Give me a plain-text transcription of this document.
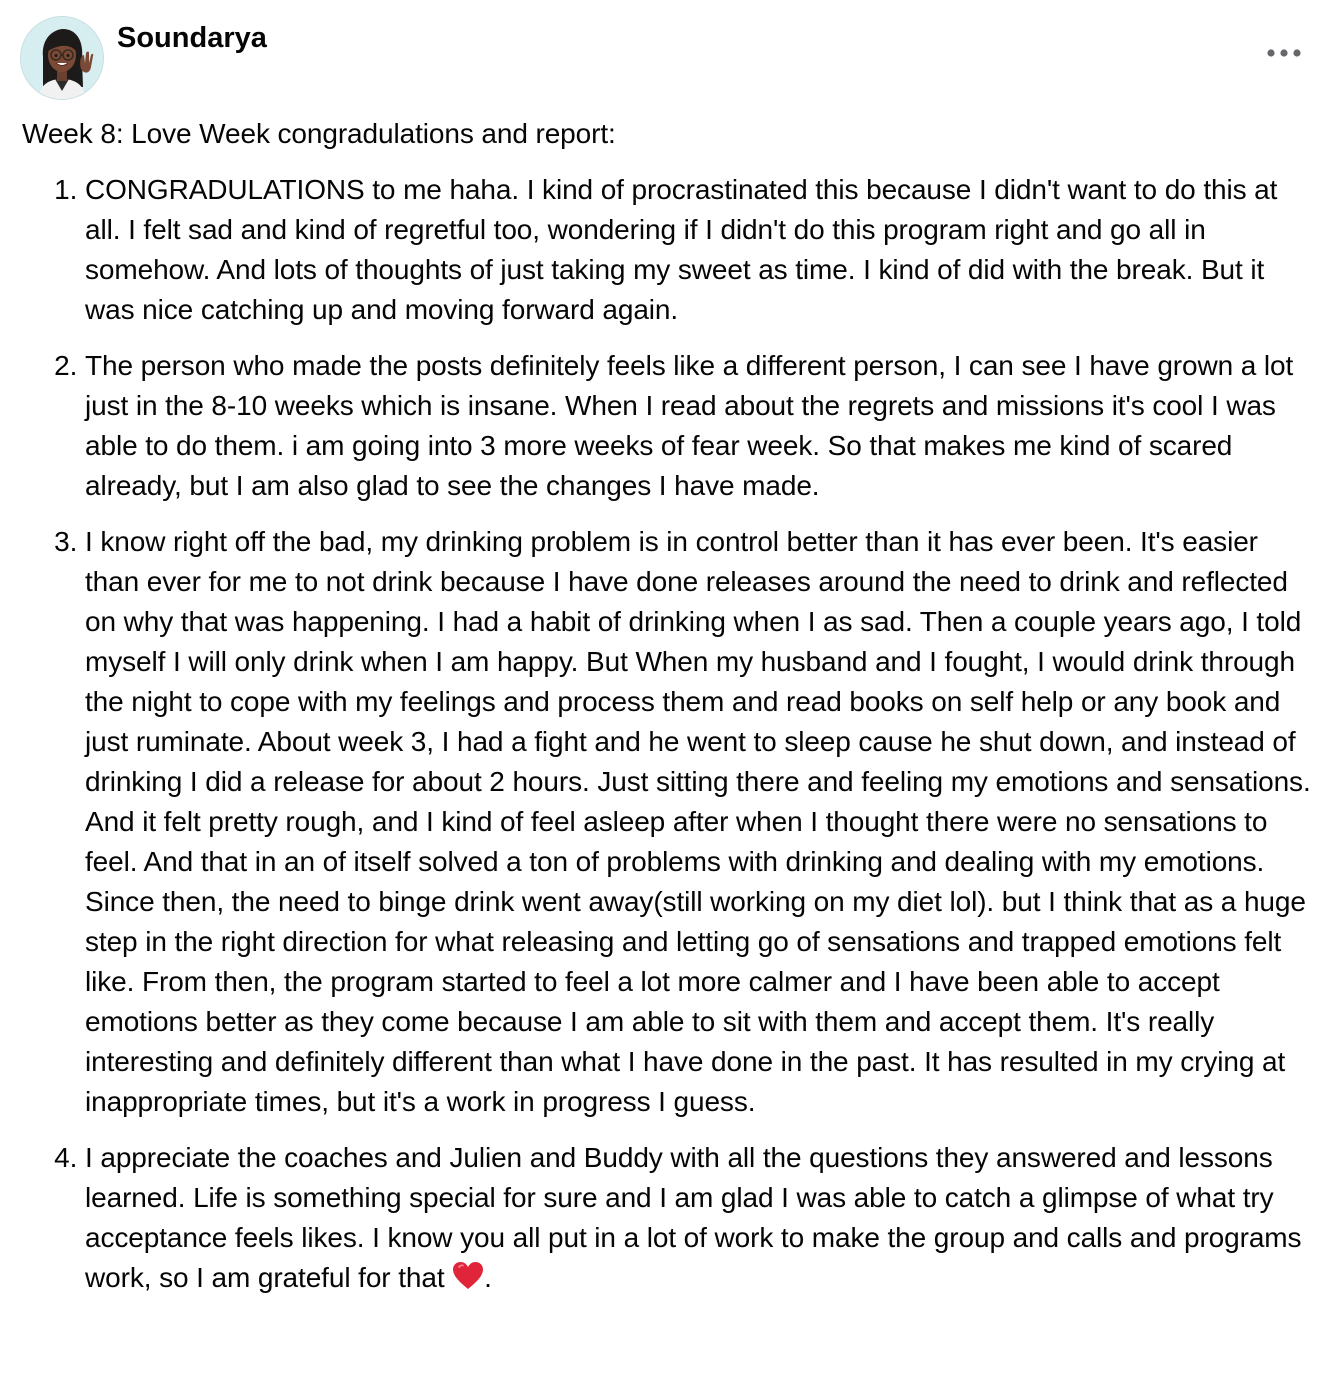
Soundarya
Week 8: Love Week congradulations and report:
1. CONGRADULATIONS to me haha. I kind of procrastinated this because I didn't want to do this at all. I felt sad and kind of regretful too, wondering if I didn't do this program right and go all in somehow. And lots of thoughts of just taking my sweet as time. I kind of did with the break. But it was nice catching up and moving forward again.
2. The person who made the posts definitely feels like a different person, I can see I have grown a lot just in the 8-10 weeks which is insane. When I read about the regrets and missions it's cool I was able to do them. i am going into 3 more weeks of fear week. So that makes me kind of scared already, but I am also glad to see the changes I have made.
3. I know right off the bad, my drinking problem is in control better than it has ever been. It's easier than ever for me to not drink because I have done releases around the need to drink and reflected on why that was happening. I had a habit of drinking when I as sad. Then a couple years ago, I told myself I will only drink when I am happy. But When my husband and I fought, I would drink through the night to cope with my feelings and process them and read books on self help or any book and just ruminate. About week 3, I had a fight and he went to sleep cause he shut down, and instead of drinking I did a release for about 2 hours. Just sitting there and feeling my emotions and sensations. And it felt pretty rough, and I kind of feel asleep after when I thought there were no sensations to feel. And that in an of itself solved a ton of problems with drinking and dealing with my emotions. Since then, the need to binge drink went away(still working on my diet lol). but I think that as a huge step in the right direction for what releasing and letting go of sensations and trapped emotions felt like. From then, the program started to feel a lot more calmer and I have been able to accept emotions better as they come because I am able to sit with them and accept them. It's really interesting and definitely different than what I have done in the past. It has resulted in my crying at inappropriate times, but it's a work in progress I guess.
4. I appreciate the coaches and Julien and Buddy with all the questions they answered and lessons learned. Life is something special for sure and I am glad I was able to catch a glimpse of what try acceptance feels likes. I know you all put in a lot of work to make the group and calls and programs work, so I am grateful for that .
